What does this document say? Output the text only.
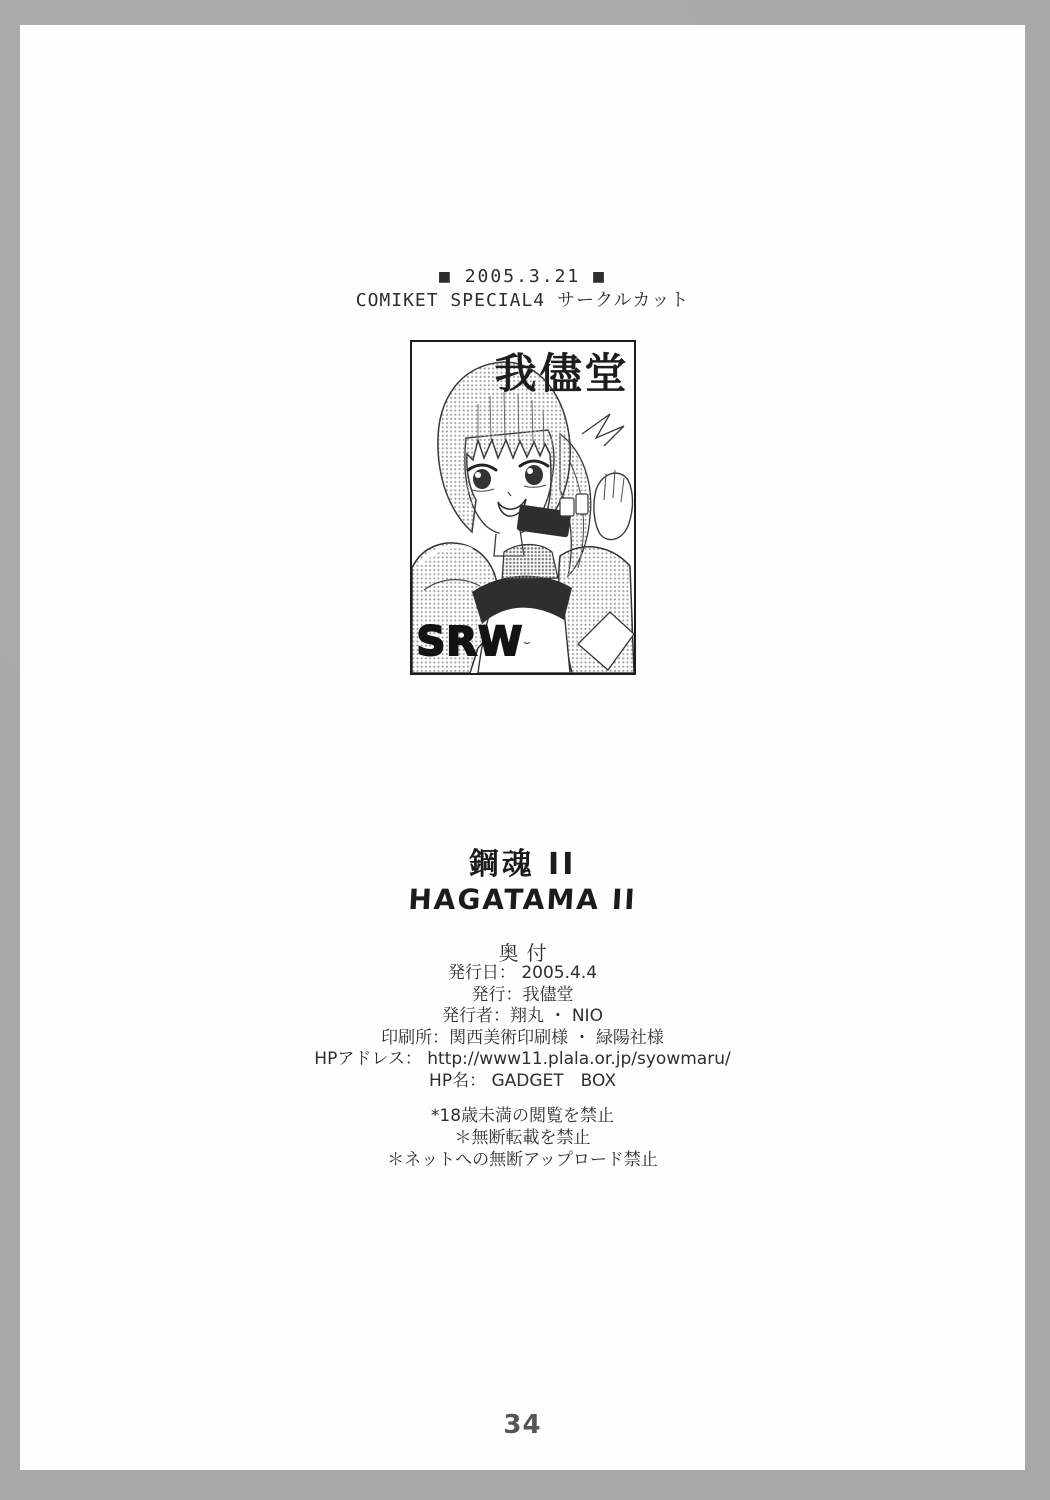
■ 2005.3.21 ■
COMIKET SPECIAL4 サークルカット
我儘堂
SRW
鋼魂 II
HAGATAMA II
奥付
発行日： 2005.4.4
発行：我儘堂
発行者：翔丸 ・ NIO
印刷所：関西美術印刷様 ・ 緑陽社様
HPアドレス： http://www11.plala.or.jp/syowmaru/
HP名： GADGET　BOX
*18歳未満の閲覧を禁止
＊無断転載を禁止
＊ネットへの無断アップロード禁止
34
